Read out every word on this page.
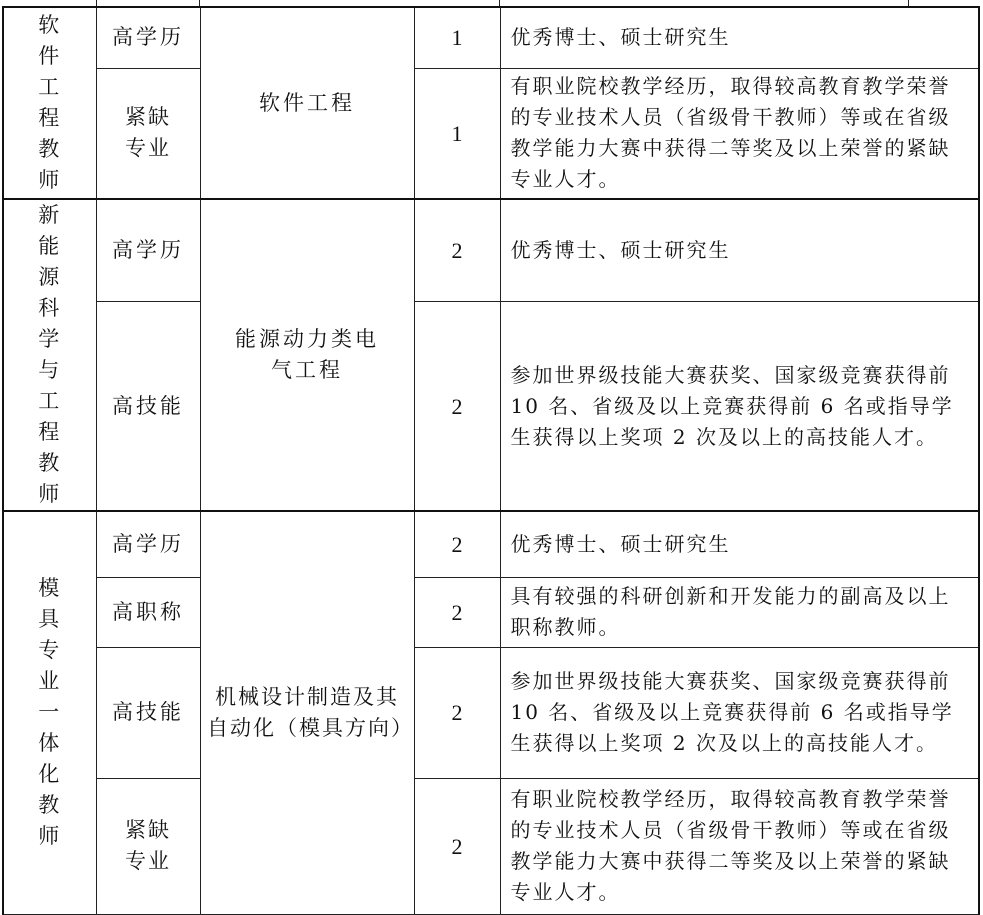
软件工程教师	高学历	软件工程	1	优秀博士、硕士研究生

	紧缺专业		1	有职业院校教学经历，取得较高教育教学荣誉的专业技术人员（省级骨干教师）等或在省级教学能力大赛中获得二等奖及以上荣誉的紧缺专业人才。

新能源科学与工程教师	高学历	能源动力类电气工程	2	优秀博士、硕士研究生
	高技能		2	参加世界级技能大赛获奖、国家级竞赛获得前 10 名、省级及以上竞赛获得前 6 名或指导学生获得以上奖项 2 次及以上的高技能人才。

模具专业一体化教师	高学历	机械设计制造及其自动化（模具方向）	2	优秀博士、硕士研究生
	高职称		2	具有较强的科研创新和开发能力的副高及以上职称教师。
	高技能		2	参加世界级技能大赛获奖、国家级竞赛获得前 10 名、省级及以上竞赛获得前 6 名或指导学生获得以上奖项 2 次及以上的高技能人才。

	紧缺专业		2	有职业院校教学经历，取得较高教育教学荣誉的专业技术人员（省级骨干教师）等或在省级教学能力大赛中获得二等奖及以上荣誉的紧缺专业人才。
